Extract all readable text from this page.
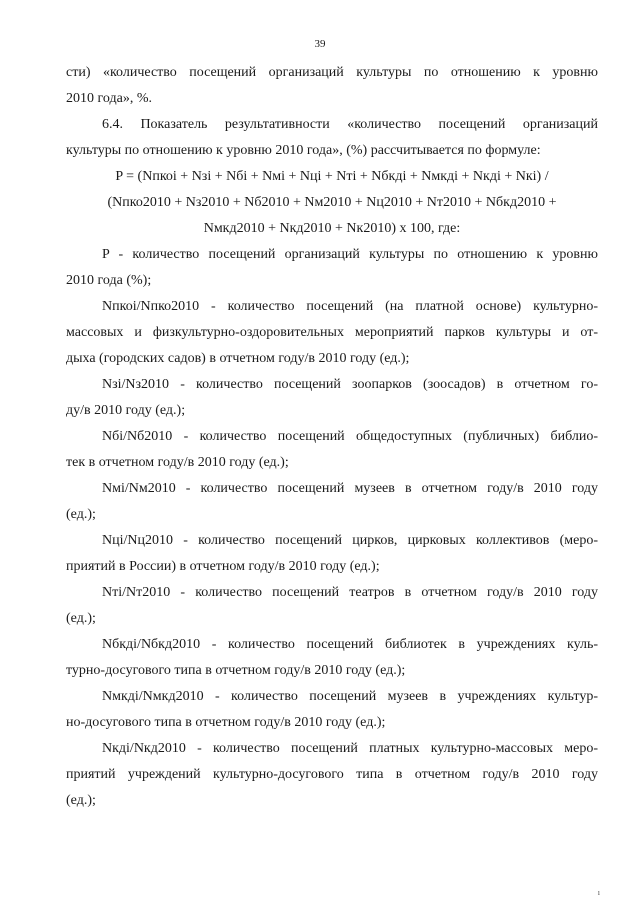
39
сти) «количество посещений организаций культуры по отношению к уровню
2010 года», %.
6.4. Показатель результативности «количество посещений организаций
культуры по отношению к уровню 2010 года», (%) рассчитывается по формуле:
P = (Nпкоi + Nзi + Nбi + Nмi + Nцi + Nтi + Nбкдi + Nмкдi + Nкдi + Nкi) /
(Nпко2010 + Nз2010 + Nб2010 + Nм2010 + Nц2010 + Nт2010 + Nбкд2010 +
Nмкд2010 + Nкд2010 + Nк2010) х 100, где:
P - количество посещений организаций культуры по отношению к уровню
2010 года (%);
Nпкоi/Nпко2010 - количество посещений (на платной основе) культурно-
массовых и физкультурно-оздоровительных мероприятий парков культуры и от-
дыха (городских садов) в отчетном году/в 2010 году (ед.);
Nзi/Nз2010 - количество посещений зоопарков (зоосадов) в отчетном го-
ду/в 2010 году (ед.);
Nбi/Nб2010 - количество посещений общедоступных (публичных) библио-
тек в отчетном году/в 2010 году (ед.);
Nмi/Nм2010 - количество посещений музеев в отчетном году/в 2010 году
(ед.);
Nцi/Nц2010 - количество посещений цирков, цирковых коллективов (меро-
приятий в России) в отчетном году/в 2010 году (ед.);
Nтi/Nт2010 - количество посещений театров в отчетном году/в 2010 году
(ед.);
Nбкдi/Nбкд2010 - количество посещений библиотек в учреждениях куль-
турно-досугового типа в отчетном году/в 2010 году (ед.);
Nмкдi/Nмкд2010 - количество посещений музеев в учреждениях культур-
но-досугового типа в отчетном году/в 2010 году (ед.);
Nкдi/Nкд2010 - количество посещений платных культурно-массовых меро-
приятий учреждений культурно-досугового типа в отчетном году/в 2010 году
(ед.);
ı
